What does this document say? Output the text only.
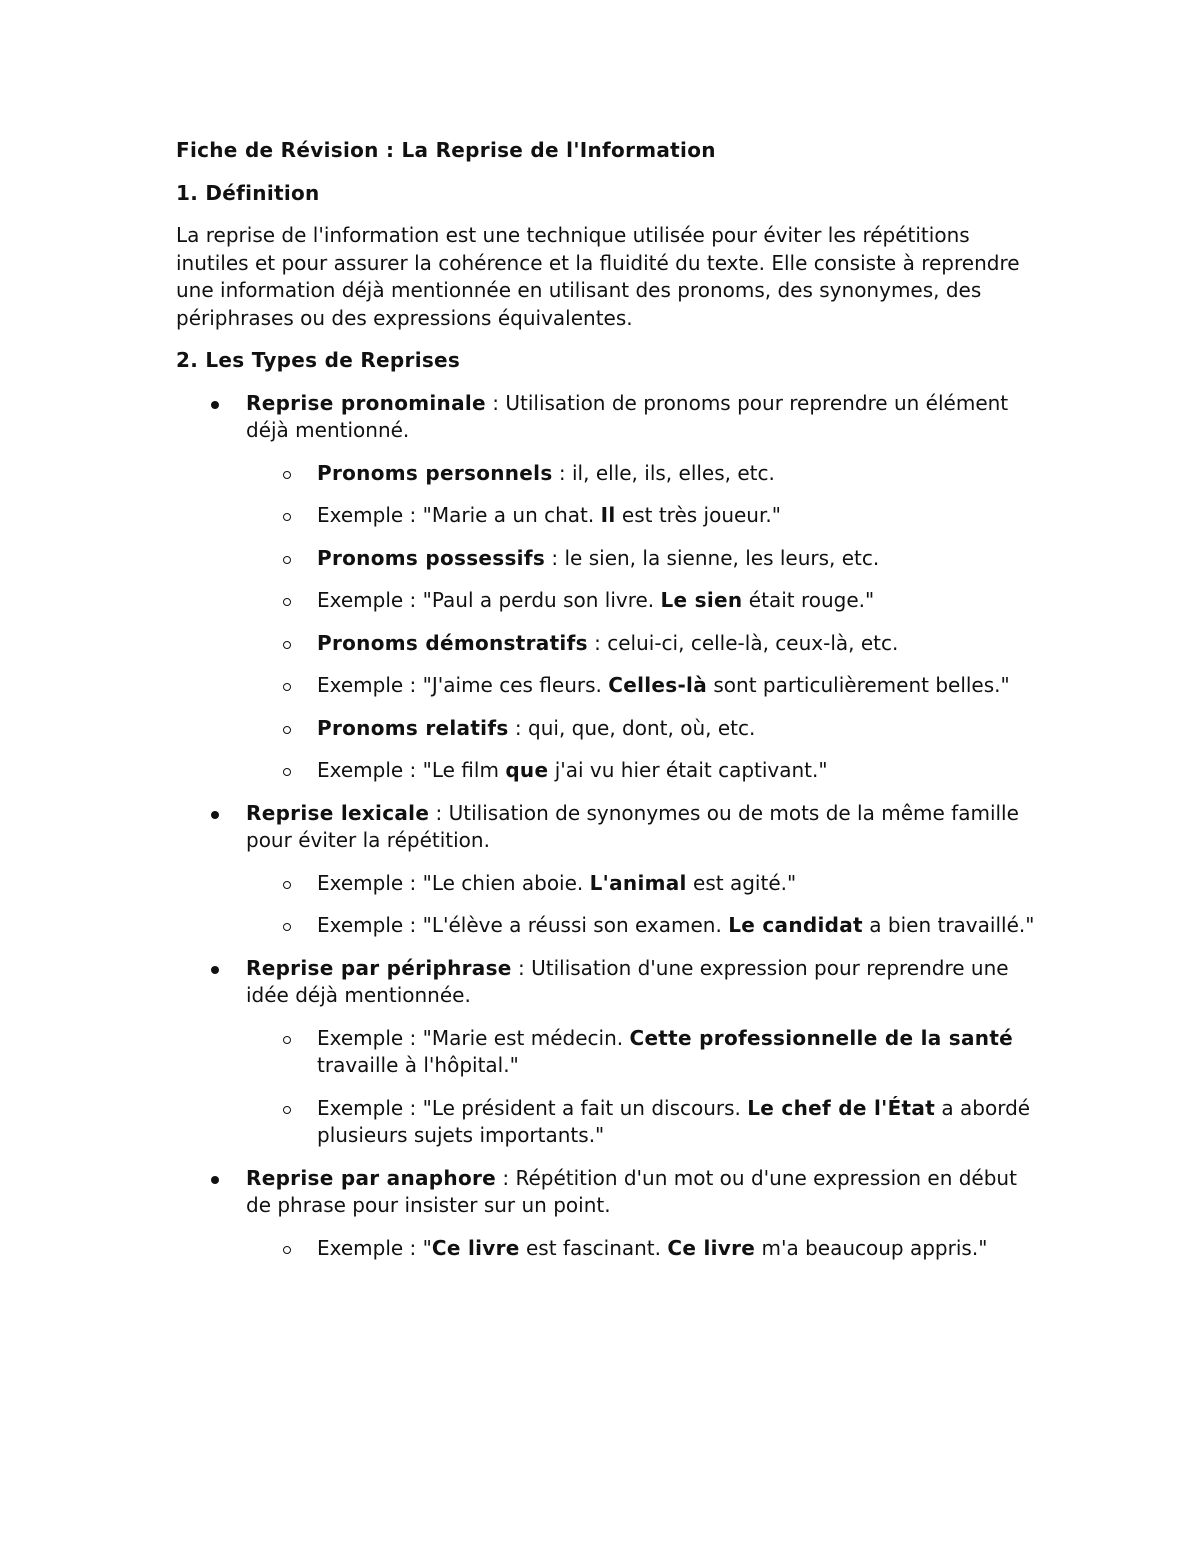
Fiche de Révision : La Reprise de l'Information

1. Définition

La reprise de l'information est une technique utilisée pour éviter les répétitions inutiles et pour assurer la cohérence et la fluidité du texte. Elle consiste à reprendre une information déjà mentionnée en utilisant des pronoms, des synonymes, des périphrases ou des expressions équivalentes.

2. Les Types de Reprises

Reprise pronominale : Utilisation de pronoms pour reprendre un élément déjà mentionné.

Pronoms personnels : il, elle, ils, elles, etc.
Exemple : "Marie a un chat. Il est très joueur."
Pronoms possessifs : le sien, la sienne, les leurs, etc.
Exemple : "Paul a perdu son livre. Le sien était rouge."
Pronoms démonstratifs : celui-ci, celle-là, ceux-là, etc.
Exemple : "J'aime ces fleurs. Celles-là sont particulièrement belles."
Pronoms relatifs : qui, que, dont, où, etc.
Exemple : "Le film que j'ai vu hier était captivant."

Reprise lexicale : Utilisation de synonymes ou de mots de la même famille pour éviter la répétition.

Exemple : "Le chien aboie. L'animal est agité."
Exemple : "L'élève a réussi son examen. Le candidat a bien travaillé."

Reprise par périphrase : Utilisation d'une expression pour reprendre une idée déjà mentionnée.

Exemple : "Marie est médecin. Cette professionnelle de la santé travaille à l'hôpital."
Exemple : "Le président a fait un discours. Le chef de l'État a abordé plusieurs sujets importants."

Reprise par anaphore : Répétition d'un mot ou d'une expression en début de phrase pour insister sur un point.

Exemple : "Ce livre est fascinant. Ce livre m'a beaucoup appris."
